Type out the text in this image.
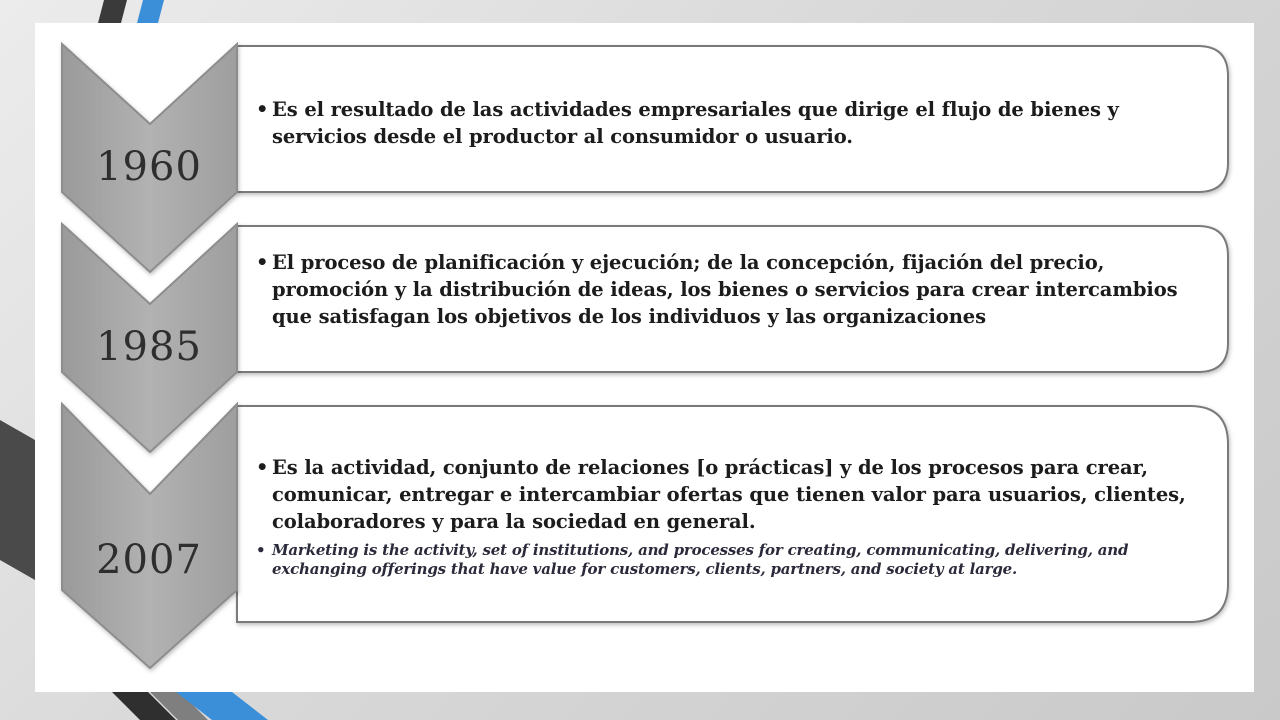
1960
1985
2007
• Es el resultado de las actividades empresariales que dirige el flujo de bienes y servicios desde el productor al consumidor o usuario.
• El proceso de planificación y ejecución; de la concepción, fijación del precio, promoción y la distribución de ideas, los bienes o servicios para crear intercambios que satisfagan los objetivos de los individuos y las organizaciones
• Es la actividad, conjunto de relaciones [o prácticas] y de los procesos para crear, comunicar, entregar e intercambiar ofertas que tienen valor para usuarios, clientes, colaboradores y para la sociedad en general.
• Marketing is the activity, set of institutions, and processes for creating, communicating, delivering, and exchanging offerings that have value for customers, clients, partners, and society at large.
